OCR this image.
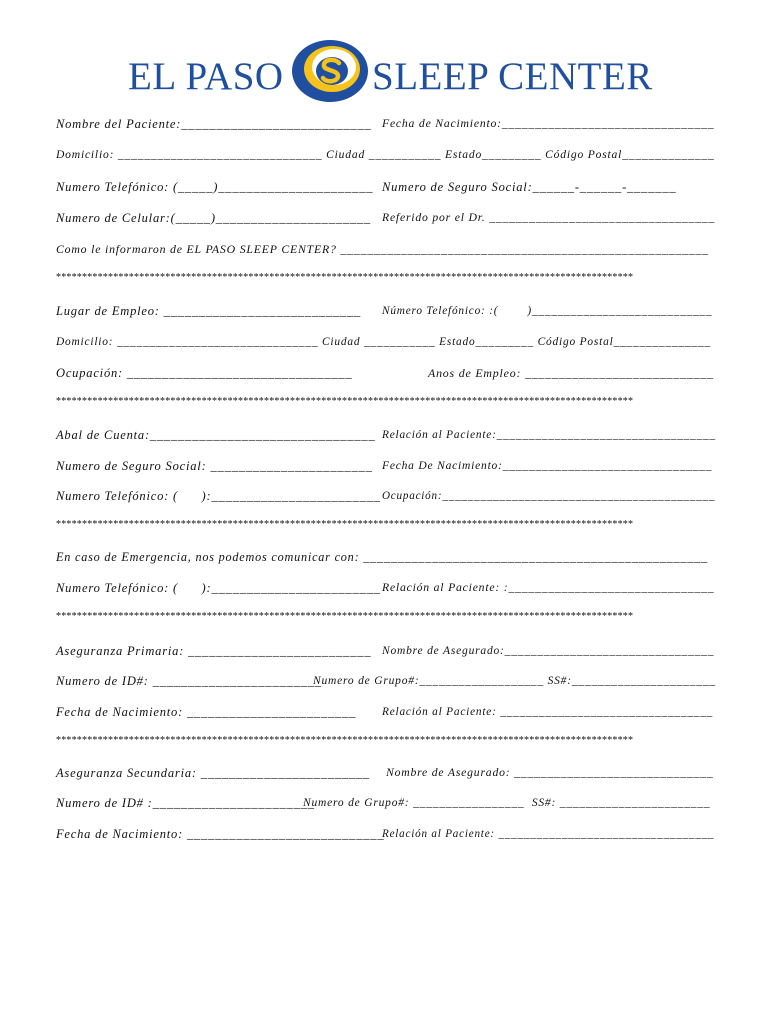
EL PASO SLEEP CENTER
Nombre del Paciente:___________________________ Fecha de Nacimiento:________________________________
Domicilio: _______________________________ Ciudad ___________ Estado_________ Código Postal______________
Numero Telefónico: (_____)______________________ Numero de Seguro Social:______-______-_______
Numero de Celular:(_____)______________________ Referido por el Dr. __________________________________
Como le informaron de EL PASO SLEEP CENTER? _______________________________________________________
***************************************************************************************************************
Lugar de Empleo: ____________________________ Número Telefónico: :(        )____________________________
Domicilio: _______________________________ Ciudad ___________ Estado_________ Código Postal_______________
Ocupación: ________________________________	Anos de Empleo: ____________________________
***************************************************************************************************************
Abal de Cuenta:________________________________ Relación al Paciente:__________________________________
Numero de Seguro Social: _______________________ Fecha De Nacimiento:________________________________
Numero Telefónico: (      ):________________________ Ocupación:___________________________________________
***************************************************************************************************************
En caso de Emergencia, nos podemos comunicar con: __________________________________________________
Numero Telefónico: (      ):________________________ Relación al Paciente: :_______________________________
***************************************************************************************************************
Aseguranza Primaria: __________________________ Nombre de Asegurado:________________________________
Numero de ID#: ________________________
Numero de Grupo#:___________________ SS#:______________________
Fecha de Nacimiento: ________________________ Relación al Paciente: _________________________________
***************************************************************************************************************
Aseguranza Secundaria: ________________________ Nombre de Asegurado: ______________________________
Numero de ID# :_______________________
Numero de Grupo#: _________________  SS#: _______________________
Fecha de Nacimiento: ____________________________
Relación al Paciente: __________________________________
